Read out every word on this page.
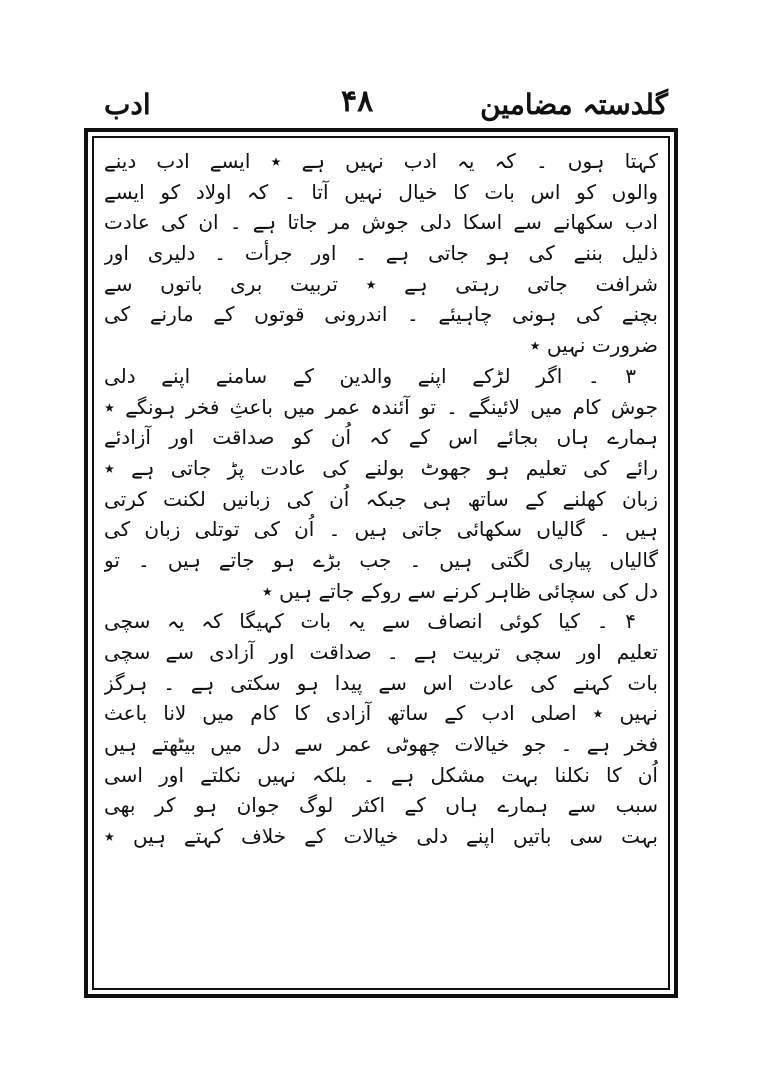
ادب	۴۸	گلدستہ مضامین
کہتا ہوں ۔ کہ یہ ادب نہیں ہے ٭ ایسے ادب دینے
والوں کو اس بات کا خیال نہیں آتا ۔ کہ اولاد کو ایسے
ادب سکھانے سے اسکا دلی جوش مر جاتا ہے ۔ ان کی عادت
ذلیل بننے کی ہو جاتی ہے ۔ اور جرأت ۔ دلیری اور
شرافت جاتی رہتی ہے ٭ تربیت بری باتوں سے
بچنے کی ہونی چاہیئے ۔ اندرونی قوتوں کے مارنے کی
ضرورت نہیں ٭
۳ ۔ اگر لڑکے اپنے والدین کے سامنے اپنے دلی
جوش کام میں لائینگے ۔ تو آئندہ عمر میں باعثِ فخر ہونگے ٭
ہمارے ہاں بجائے اس کے کہ اُن کو صداقت اور آزادئے
رائے کی تعلیم ہو جھوٹ بولنے کی عادت پڑ جاتی ہے ٭
زبان کھلنے کے ساتھ ہی جبکہ اُن کی زبانیں لکنت کرتی
ہیں ۔ گالیاں سکھائی جاتی ہیں ۔ اُن کی توتلی زبان کی
گالیاں پیاری لگتی ہیں ۔ جب بڑے ہو جاتے ہیں ۔ تو
دل کی سچائی ظاہر کرنے سے روکے جاتے ہیں ٭
۴ ۔ کیا کوئی انصاف سے یہ بات کہیگا کہ یہ سچی
تعلیم اور سچی تربیت ہے ۔ صداقت اور آزادی سے سچی
بات کہنے کی عادت اس سے پیدا ہو سکتی ہے ۔ ہرگز
نہیں ٭ اصلی ادب کے ساتھ آزادی کا کام میں لانا باعث
فخر ہے ۔ جو خیالات چھوٹی عمر سے دل میں بیٹھتے ہیں
اُن کا نکلنا بہت مشکل ہے ۔ بلکہ نہیں نکلتے اور اسی
سبب سے ہمارے ہاں کے اکثر لوگ جوان ہو کر بھی
بہت سی باتیں اپنے دلی خیالات کے خلاف کہتے ہیں ٭
